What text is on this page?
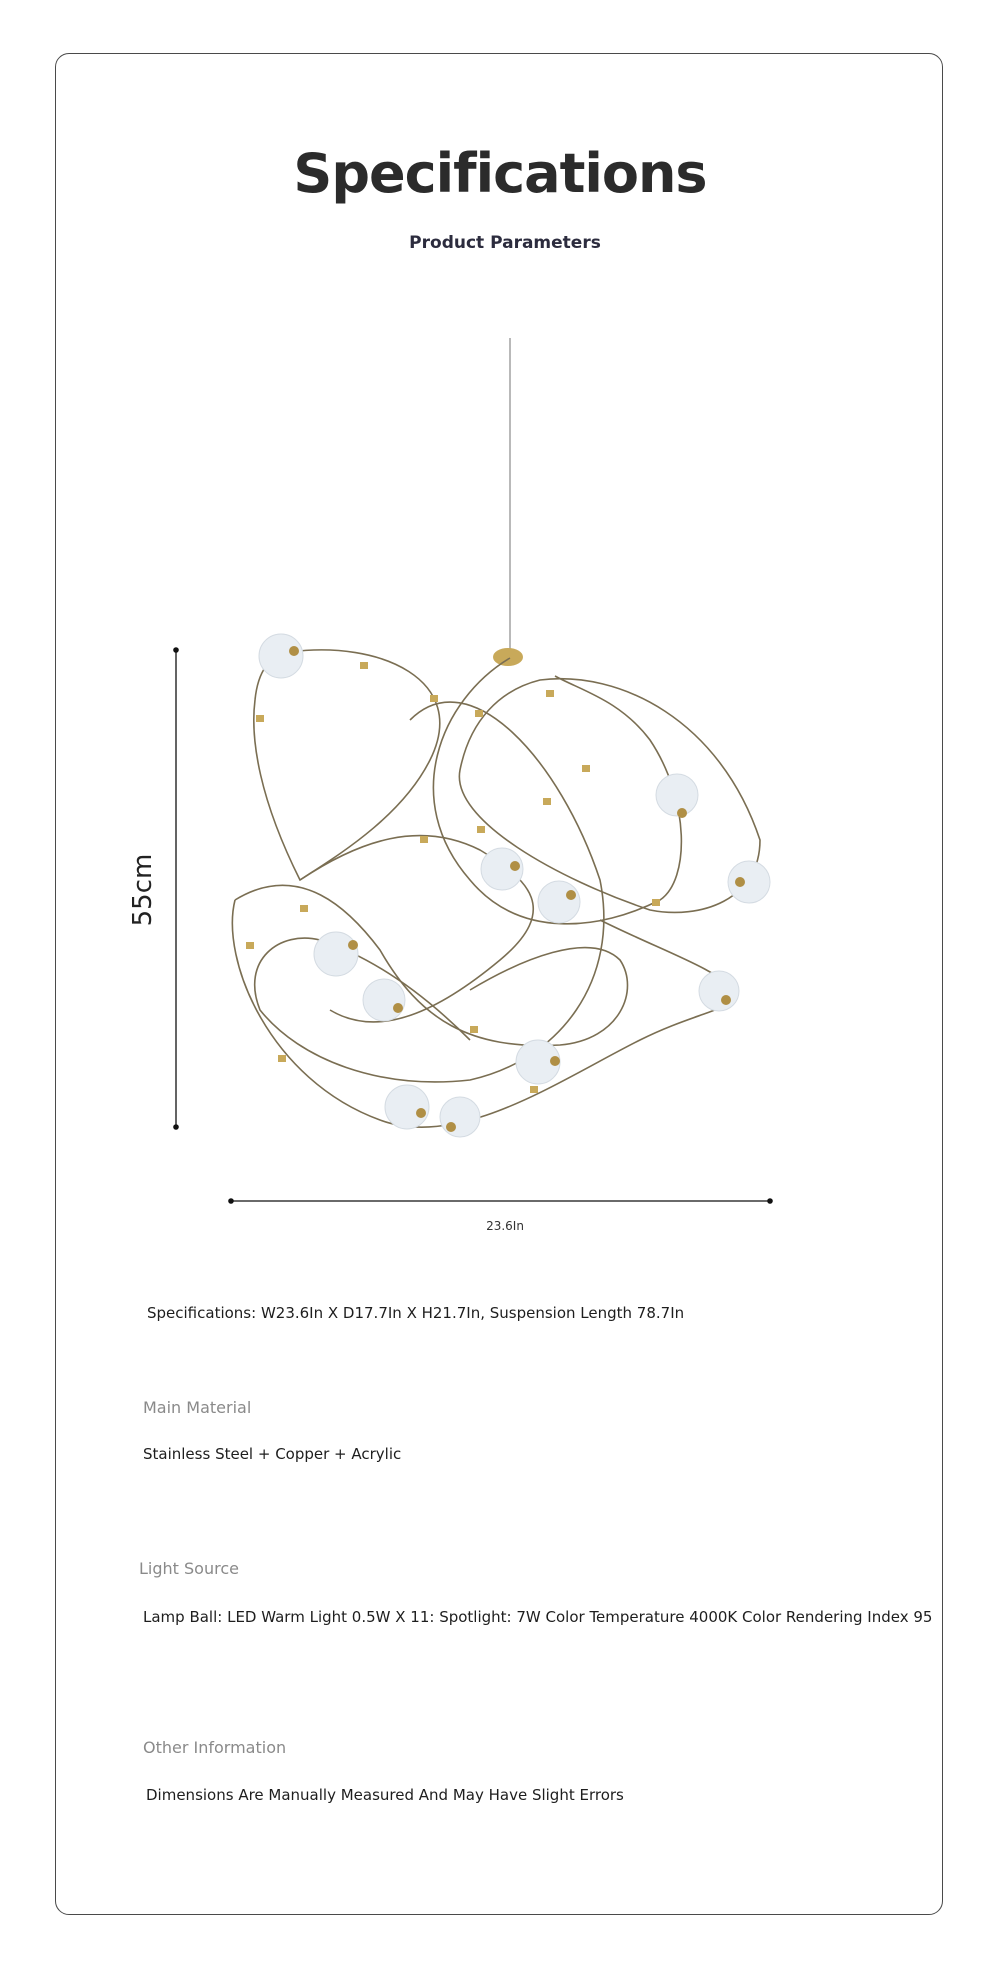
Specifications
Product Parameters
55cm
23.6In
Specifications: W23.6In X D17.7In X H21.7In, Suspension Length 78.7In
Main Material
Stainless Steel + Copper + Acrylic
Light Source
Lamp Ball: LED Warm Light 0.5W X 11: Spotlight: 7W Color Temperature 4000K Color Rendering Index 95
Other Information
Dimensions Are Manually Measured And May Have Slight Errors
